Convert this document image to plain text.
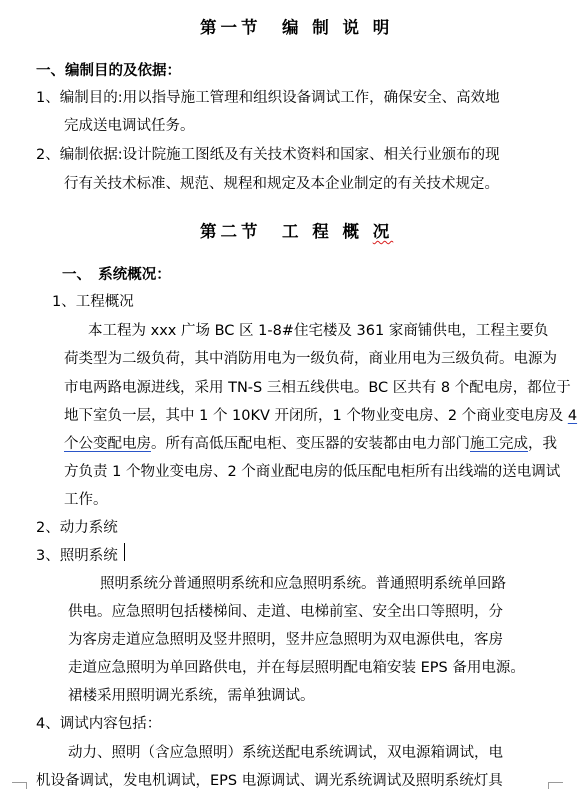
第一节　编 制 说 明
一、编制目的及依据：
1、编制目的:用以指导施工管理和组织设备调试工作，确保安全、高效地
完成送电调试任务。
2、编制依据:设计院施工图纸及有关技术资料和国家、相关行业颁布的现
行有关技术标准、规范、规程和规定及本企业制定的有关技术规定。
第二节　工 程 概 况
一、　系统概况：
1、工程概况
本工程为 xxx 广场 BC 区 1-8#住宅楼及 361 家商铺供电，工程主要负
荷类型为二级负荷，其中消防用电为一级负荷，商业用电为三级负荷。电源为
市电两路电源进线，采用 TN-S 三相五线供电。BC 区共有 8 个配电房，都位于
地下室负一层，其中 1 个 10KV 开闭所，1 个物业变电房、2 个商业变电房及 4
个公变配电房。所有高低压配电柜、变压器的安装都由电力部门施工完成，我
方负责 1 个物业变电房、2 个商业配电房的低压配电柜所有出线端的送电调试
工作。
2、动力系统
3、照明系统
照明系统分普通照明系统和应急照明系统。普通照明系统单回路
供电。应急照明包括楼梯间、走道、电梯前室、安全出口等照明，分
为客房走道应急照明及竖井照明，竖井应急照明为双电源供电，客房
走道应急照明为单回路供电，并在每层照明配电箱安装 EPS 备用电源。
裙楼采用照明调光系统，需单独调试。
4、调试内容包括：
动力、照明（含应急照明）系统送配电系统调试，双电源箱调试，电
机设备调试，发电机调试，EPS 电源调试、调光系统调试及照明系统灯具
